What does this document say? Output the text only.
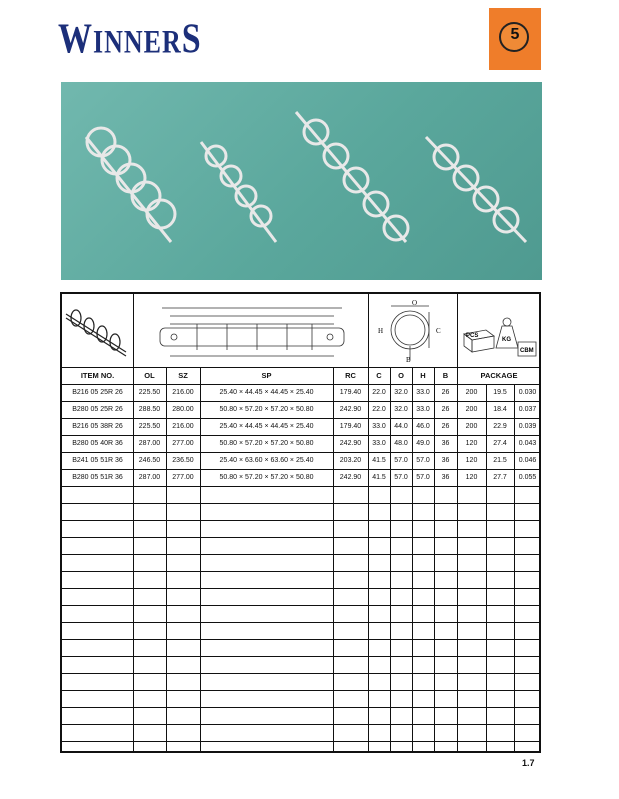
WINNERS	5
O
H	C
B
PCS
KG
CBM
ITEM NO.	OL	SZ	SP	RC	C	O	H	B	PACKAGE
B216 05 25R 26	225.50	216.00	25.40 × 44.45 × 44.45 × 25.40	179.40	22.0	32.0	33.0	26	200	19.5	0.030
B280 05 25R 26	288.50	280.00	50.80 × 57.20 × 57.20 × 50.80	242.90	22.0	32.0	33.0	26	200	18.4	0.037
B216 05 38R 26	225.50	216.00	25.40 × 44.45 × 44.45 × 25.40	179.40	33.0	44.0	46.0	26	200	22.9	0.039
B280 05 40R 36	287.00	277.00	50.80 × 57.20 × 57.20 × 50.80	242.90	33.0	48.0	49.0	36	120	27.4	0.043
B241 05 51R 36	246.50	236.50	25.40 × 63.60 × 63.60 × 25.40	203.20	41.5	57.0	57.0	36	120	21.5	0.046
B280 05 51R 36	287.00	277.00	50.80 × 57.20 × 57.20 × 50.80	242.90	41.5	57.0	57.0	36	120	27.7	0.055
1.7
